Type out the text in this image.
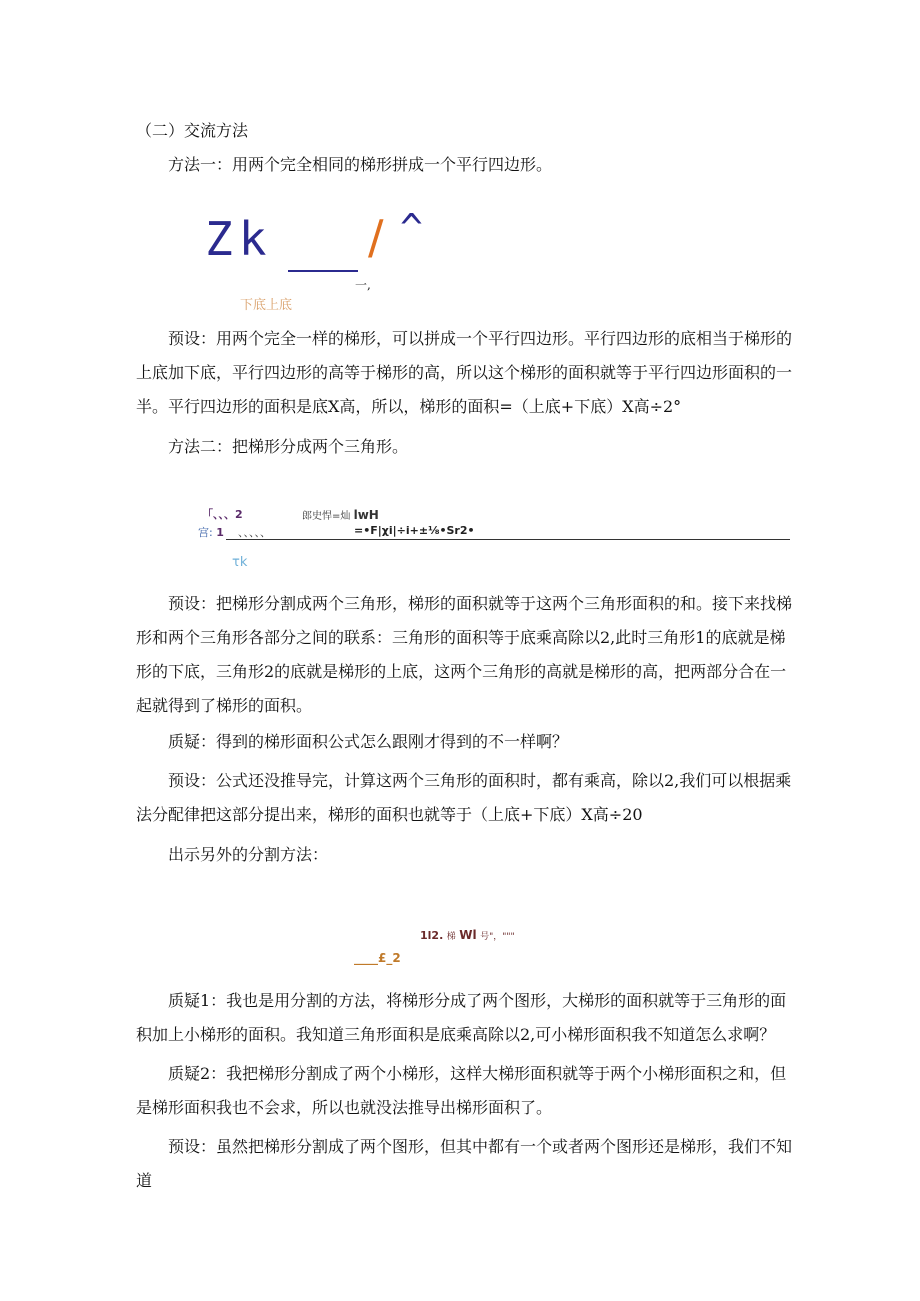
（二）交流方法
方法一：用两个完全相同的梯形拼成一个平行四边形。
Zk / ^
一,
下底上底
预设：用两个完全一样的梯形，可以拼成一个平行四边形。平行四边形的底相当于梯形的上底加下底，平行四边形的高等于梯形的高，所以这个梯形的面积就等于平行四边形面积的一半。平行四边形的面积是底X高，所以，梯形的面积=（上底+下底）X高÷2°
方法二：把梯形分成两个三角形。
「、、、2	郎史悍=灿 lwH
宫: 1 、、、、、	=•F|χi|÷i+±⅛•Sr2•
τk
预设：把梯形分割成两个三角形，梯形的面积就等于这两个三角形面积的和。接下来找梯形和两个三角形各部分之间的联系：三角形的面积等于底乘高除以2,此时三角形1的底就是梯形的下底，三角形2的底就是梯形的上底，这两个三角形的高就是梯形的高，把两部分合在一起就得到了梯形的面积。
质疑：得到的梯形面积公式怎么跟刚才得到的不一样啊？
预设：公式还没推导完，计算这两个三角形的面积时，都有乘高，除以2,我们可以根据乘法分配律把这部分提出来，梯形的面积也就等于（上底+下底）X高÷20
出示另外的分割方法：
1l2. 梯 Wl 号"，"""
____£_2
质疑1：我也是用分割的方法，将梯形分成了两个图形，大梯形的面积就等于三角形的面积加上小梯形的面积。我知道三角形面积是底乘高除以2,可小梯形面积我不知道怎么求啊？
质疑2：我把梯形分割成了两个小梯形，这样大梯形面积就等于两个小梯形面积之和，但是梯形面积我也不会求，所以也就没法推导出梯形面积了。
预设：虽然把梯形分割成了两个图形，但其中都有一个或者两个图形还是梯形，我们不知道
